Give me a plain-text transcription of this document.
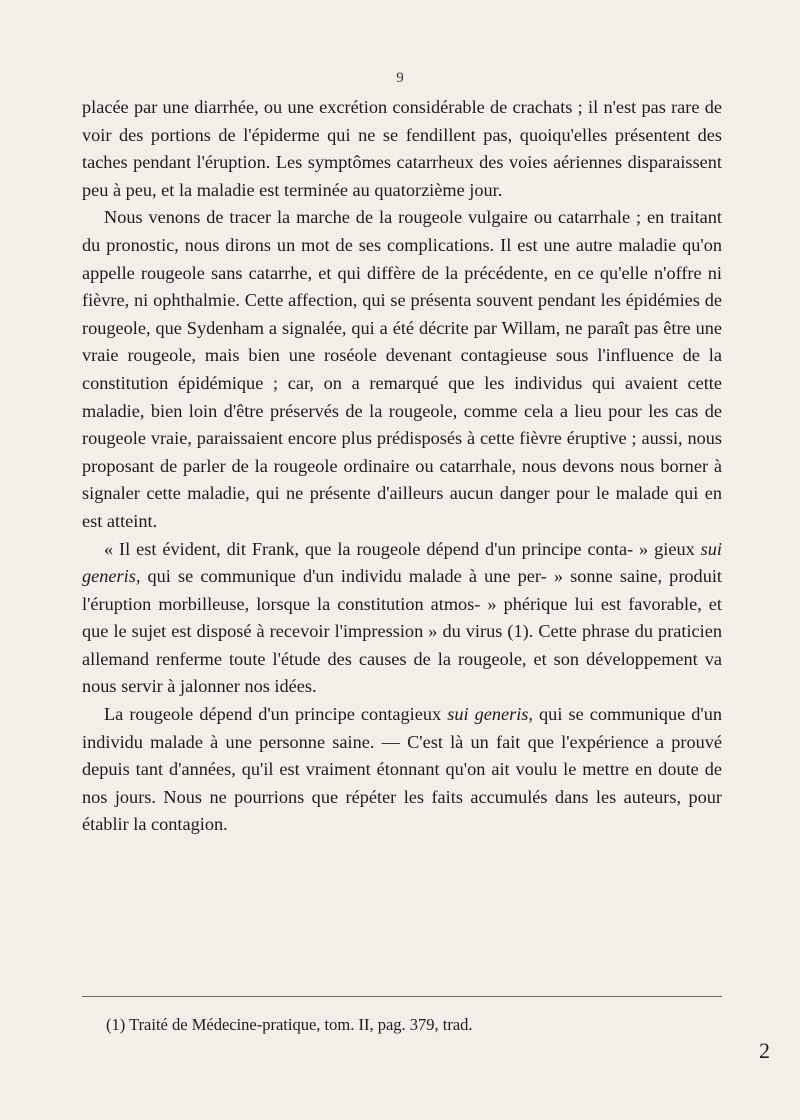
9

placée par une diarrhée, ou une excrétion considérable de crachats ; il n'est pas rare de voir des portions de l'épiderme qui ne se fendillent pas, quoiqu'elles présentent des taches pendant l'éruption. Les symptômes catarrheux des voies aériennes disparaissent peu à peu, et la maladie est terminée au quatorzième jour.

Nous venons de tracer la marche de la rougeole vulgaire ou catarrhale ; en traitant du pronostic, nous dirons un mot de ses complications. Il est une autre maladie qu'on appelle rougeole sans catarrhe, et qui diffère de la précédente, en ce qu'elle n'offre ni fièvre, ni ophthalmie. Cette affection, qui se présenta souvent pendant les épidémies de rougeole, que Sydenham a signalée, qui a été décrite par Willam, ne paraît pas être une vraie rougeole, mais bien une roséole devenant contagieuse sous l'influence de la constitution épidémique ; car, on a remarqué que les individus qui avaient cette maladie, bien loin d'être préservés de la rougeole, comme cela a lieu pour les cas de rougeole vraie, paraissaient encore plus prédisposés à cette fièvre éruptive ; aussi, nous proposant de parler de la rougeole ordinaire ou catarrhale, nous devons nous borner à signaler cette maladie, qui ne présente d'ailleurs aucun danger pour le malade qui en est atteint.

« Il est évident, dit Frank, que la rougeole dépend d'un principe conta- » gieux sui generis, qui se communique d'un individu malade à une per- » sonne saine, produit l'éruption morbilleuse, lorsque la constitution atmos- » phérique lui est favorable, et que le sujet est disposé à recevoir l'impression » du virus (1). Cette phrase du praticien allemand renferme toute l'étude des causes de la rougeole, et son développement va nous servir à jalonner nos idées.

La rougeole dépend d'un principe contagieux sui generis, qui se communique d'un individu malade à une personne saine. — C'est là un fait que l'expérience a prouvé depuis tant d'années, qu'il est vraiment étonnant qu'on ait voulu le mettre en doute de nos jours. Nous ne pourrions que répéter les faits accumulés dans les auteurs, pour établir la contagion.

(1) Traité de Médecine-pratique, tom. II, pag. 379, trad.
2
